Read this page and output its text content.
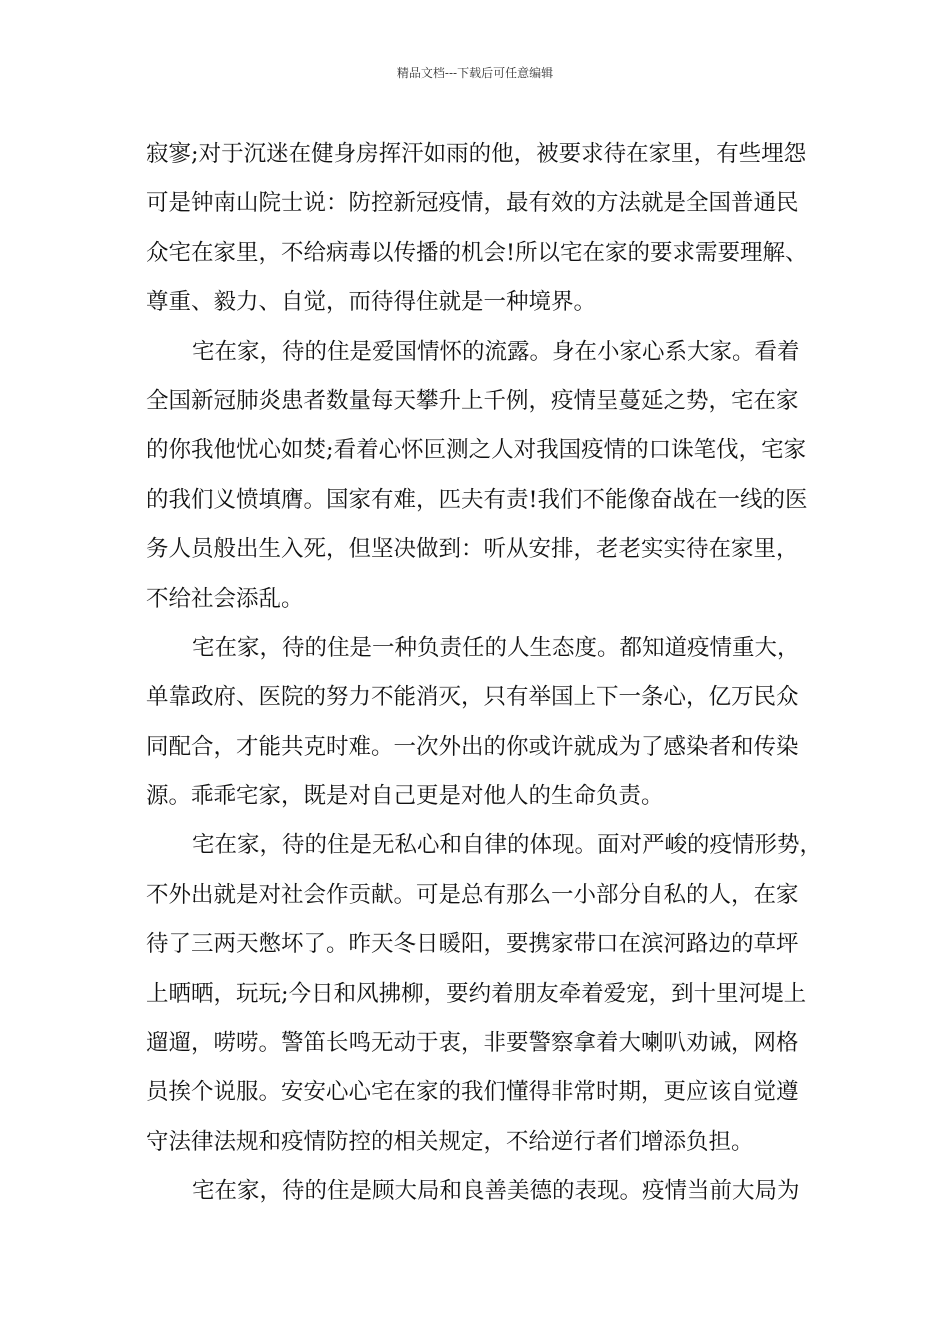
精品文档---下载后可任意编辑
寂寥;对于沉迷在健身房挥汗如雨的他，被要求待在家里，有些埋怨
可是钟南山院士说：防控新冠疫情，最有效的方法就是全国普通民
众宅在家里，不给病毒以传播的机会!所以宅在家的要求需要理解、
尊重、毅力、自觉，而待得住就是一种境界。
宅在家，待的住是爱国情怀的流露。身在小家心系大家。看着
全国新冠肺炎患者数量每天攀升上千例，疫情呈蔓延之势，宅在家
的你我他忧心如焚;看着心怀叵测之人对我国疫情的口诛笔伐，宅家
的我们义愤填膺。国家有难，匹夫有责!我们不能像奋战在一线的医
务人员般出生入死，但坚决做到：听从安排，老老实实待在家里，
不给社会添乱。
宅在家，待的住是一种负责任的人生态度。都知道疫情重大，
单靠政府、医院的努力不能消灭，只有举国上下一条心，亿万民众
同配合，才能共克时难。一次外出的你或许就成为了感染者和传染
源。乖乖宅家，既是对自己更是对他人的生命负责。
宅在家，待的住是无私心和自律的体现。面对严峻的疫情形势，
不外出就是对社会作贡献。可是总有那么一小部分自私的人，在家
待了三两天憋坏了。昨天冬日暖阳，要携家带口在滨河路边的草坪
上晒晒，玩玩;今日和风拂柳，要约着朋友牵着爱宠，到十里河堤上
遛遛，唠唠。警笛长鸣无动于衷，非要警察拿着大喇叭劝诫，网格
员挨个说服。安安心心宅在家的我们懂得非常时期，更应该自觉遵
守法律法规和疫情防控的相关规定，不给逆行者们增添负担。
宅在家，待的住是顾大局和良善美德的表现。疫情当前大局为
